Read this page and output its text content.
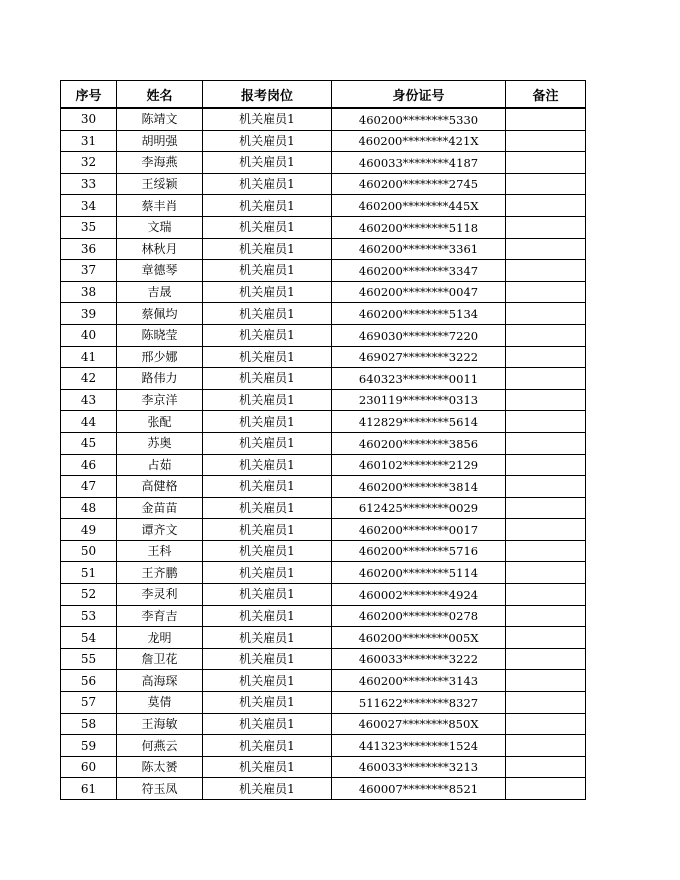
序号	姓名	报考岗位	身份证号	备注
30	陈靖文	机关雇员1	460200********5330	
31	胡明强	机关雇员1	460200********421X	
32	李海燕	机关雇员1	460033********4187	
33	王绥颖	机关雇员1	460200********2745	
34	蔡丰肖	机关雇员1	460200********445X	
35	文瑞	机关雇员1	460200********5118	
36	林秋月	机关雇员1	460200********3361	
37	章德琴	机关雇员1	460200********3347	
38	吉晟	机关雇员1	460200********0047	
39	蔡佩均	机关雇员1	460200********5134	
40	陈晓莹	机关雇员1	469030********7220	
41	邢少娜	机关雇员1	469027********3222	
42	路伟力	机关雇员1	640323********0011	
43	李京洋	机关雇员1	230119********0313	
44	张配	机关雇员1	412829********5614	
45	苏奥	机关雇员1	460200********3856	
46	占茹	机关雇员1	460102********2129	
47	高健格	机关雇员1	460200********3814	
48	金苗苗	机关雇员1	612425********0029	
49	谭齐文	机关雇员1	460200********0017	
50	王科	机关雇员1	460200********5716	
51	王齐鹏	机关雇员1	460200********5114	
52	李灵利	机关雇员1	460002********4924	
53	李育吉	机关雇员1	460200********0278	
54	龙明	机关雇员1	460200********005X	
55	詹卫花	机关雇员1	460033********3222	
56	高海琛	机关雇员1	460200********3143	
57	莫倩	机关雇员1	511622********8327	
58	王海敏	机关雇员1	460027********850X	
59	何燕云	机关雇员1	441323********1524	
60	陈太赟	机关雇员1	460033********3213	
61	符玉凤	机关雇员1	460007********8521	
